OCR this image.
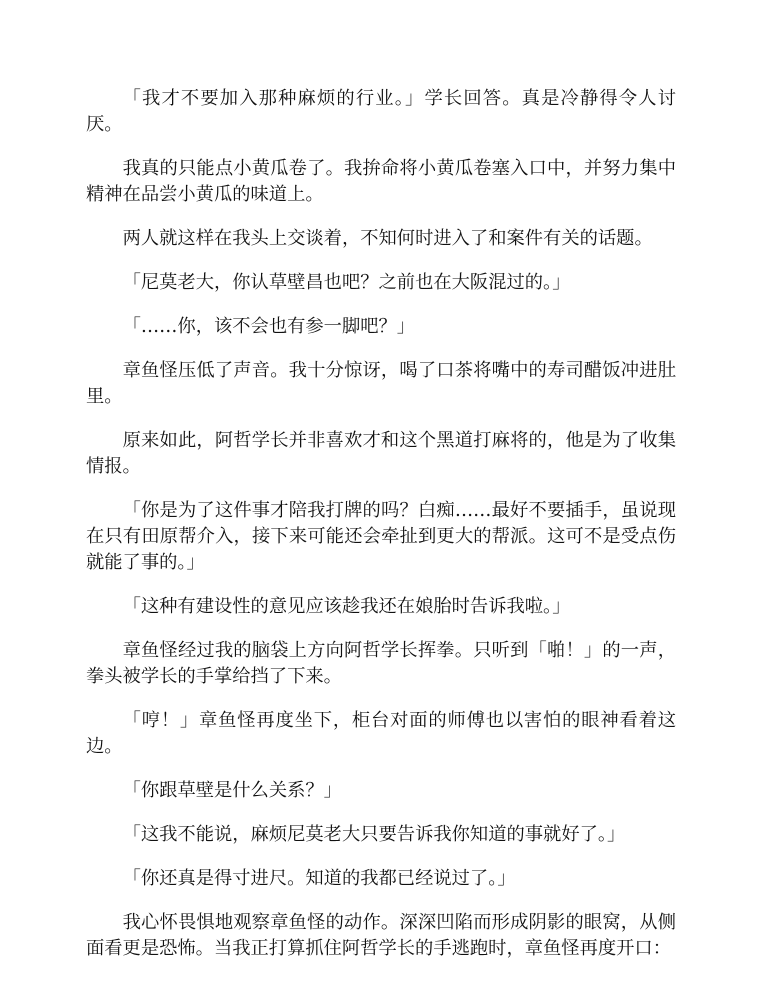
「我才不要加入那种麻烦的行业。」学长回答。真是冷静得令人讨厌。

我真的只能点小黄瓜卷了。我拚命将小黄瓜卷塞入口中，并努力集中精神在品尝小黄瓜的味道上。

两人就这样在我头上交谈着，不知何时进入了和案件有关的话题。

「尼莫老大，你认草壁昌也吧？之前也在大阪混过的。」

「……你，该不会也有参一脚吧？」

章鱼怪压低了声音。我十分惊讶，喝了口茶将嘴中的寿司醋饭冲进肚里。

原来如此，阿哲学长并非喜欢才和这个黑道打麻将的，他是为了收集情报。

「你是为了这件事才陪我打牌的吗？白痴……最好不要插手，虽说现在只有田原帮介入，接下来可能还会牵扯到更大的帮派。这可不是受点伤就能了事的。」

「这种有建设性的意见应该趁我还在娘胎时告诉我啦。」

章鱼怪经过我的脑袋上方向阿哲学长挥拳。只听到「啪！」的一声，拳头被学长的手掌给挡了下来。

「哼！」章鱼怪再度坐下，柜台对面的师傅也以害怕的眼神看着这边。

「你跟草壁是什么关系？」

「这我不能说，麻烦尼莫老大只要告诉我你知道的事就好了。」

「你还真是得寸进尺。知道的我都已经说过了。」

我心怀畏惧地观察章鱼怪的动作。深深凹陷而形成阴影的眼窝，从侧面看更是恐怖。当我正打算抓住阿哲学长的手逃跑时，章鱼怪再度开口：
